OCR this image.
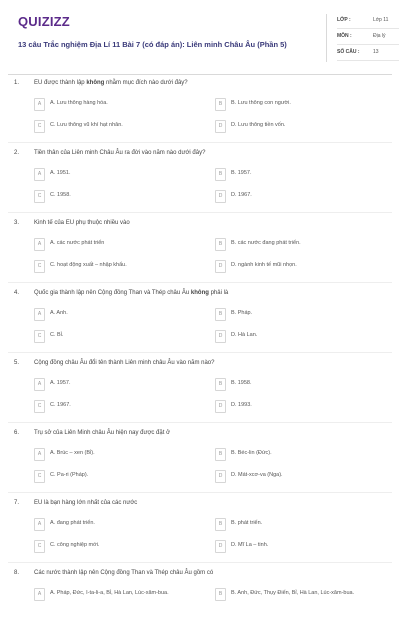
QUIZIZZ
13 câu Trắc nghiệm Địa Lí 11 Bài 7 (có đáp án): Liên minh Châu Âu (Phần 5)
LỚP :	Lớp 11
MÔN :	Địa lý
SỐ CÂU :	13
1. EU được thành lập không nhằm mục đích nào dưới đây?
A	A. Lưu thông hàng hóa.	B	B. Lưu thông con người.
C	C. Lưu thông vũ khí hạt nhân.	D	D. Lưu thông tiền vốn.
2. Tiền thân của Liên minh Châu Âu ra đời vào năm nào dưới đây?
A	A. 1951.	B	B. 1957.
C	C. 1958.	D	D. 1967.
3. Kinh tế của EU phụ thuộc nhiều vào
A	A. các nước phát triển	B	B. các nước đang phát triển.
C	C. hoạt động xuất – nhập khẩu.	D	D. ngành kinh tế mũi nhọn.
4. Quốc gia thành lập nên Cộng đồng Than và Thép châu Âu không phải là
A	A. Anh.	B	B. Pháp.
C	C. Bỉ.	D	D. Hà Lan.
5. Cộng đồng châu Âu đổi tên thành Liên minh châu Âu vào năm nào?
A	A. 1957.	B	B. 1958.
C	C. 1967.	D	D. 1993.
6. Trụ sở của Liên Minh châu Âu hiện nay được đặt ở
A	A. Brúc – xen (Bỉ).	B	B. Béc-lin (Đức).
C	C. Pa-ri (Pháp).	D	D. Mát-xcơ-va (Nga).
7. EU là bạn hàng lớn nhất của các nước
A	A. đang phát triển.	B	B. phát triển.
C	C. công nghiệp mới.	D	D. Mĩ La – tinh.
8. Các nước thành lập nên Cộng đồng Than và Thép châu Âu gồm có
A	A. Pháp, Đức, I-ta-li-a, Bỉ, Hà Lan, Lúc-xăm-bua.	B	B. Anh, Đức, Thụy Điển, Bỉ, Hà Lan, Lúc-xăm-bua.
